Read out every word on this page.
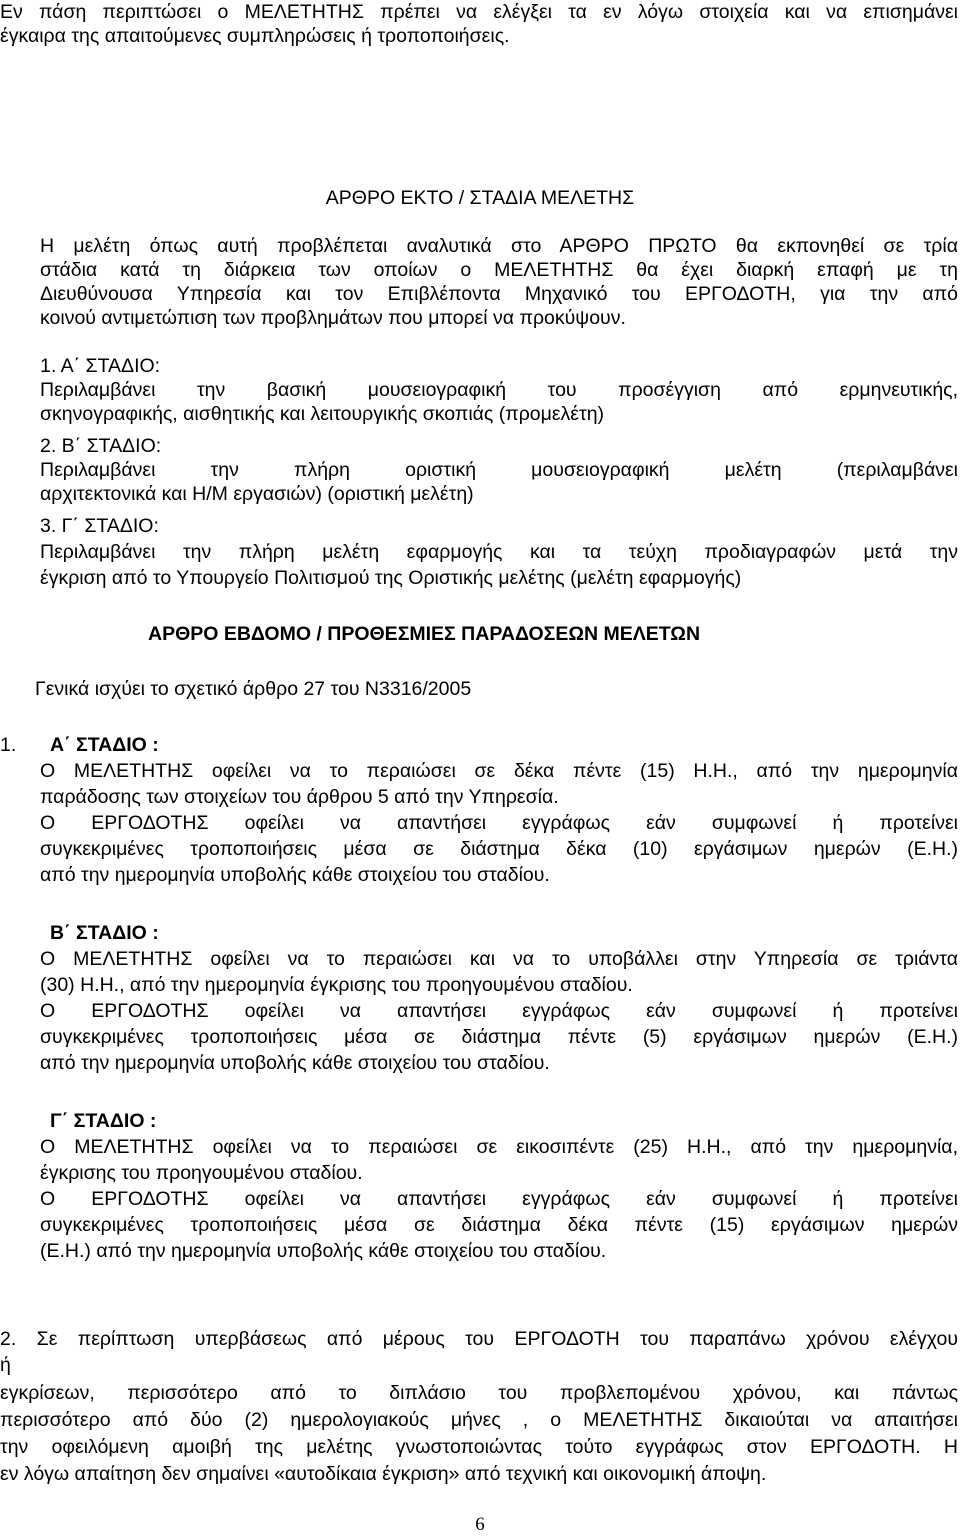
Εν πάση περιπτώσει ο ΜΕΛΕΤΗΤΗΣ πρέπει να ελέγξει τα εν λόγω στοιχεία και να επισημάνει
έγκαιρα της απαιτούμενες συμπληρώσεις ή τροποποιήσεις.
ΑΡΘΡΟ ΕΚΤΟ / ΣΤΑΔΙΑ ΜΕΛΕΤΗΣ
Η μελέτη όπως αυτή προβλέπεται αναλυτικά στο ΑΡΘΡΟ ΠΡΩΤΟ θα εκπονηθεί σε τρία
στάδια κατά τη διάρκεια των οποίων ο ΜΕΛΕΤΗΤΗΣ θα έχει διαρκή επαφή με τη
Διευθύνουσα Υπηρεσία και τον Επιβλέποντα Μηχανικό του ΕΡΓΟΔΟΤΗ, για την από
κοινού αντιμετώπιση των προβλημάτων που μπορεί να προκύψουν.
1. Α΄ ΣΤΑΔΙΟ:
Περιλαμβάνει την βασική μουσειογραφική του προσέγγιση από ερμηνευτικής,
σκηνογραφικής, αισθητικής και λειτουργικής σκοπιάς (προμελέτη)
2. Β΄ ΣΤΑΔΙΟ:
Περιλαμβάνει την πλήρη οριστική μουσειογραφική μελέτη (περιλαμβάνει
αρχιτεκτονικά και Η/Μ εργασιών) (οριστική μελέτη)
3. Γ΄ ΣΤΑΔΙΟ:
Περιλαμβάνει την πλήρη μελέτη εφαρμογής και τα τεύχη προδιαγραφών μετά την
έγκριση από το Υπουργείο Πολιτισμού της Οριστικής μελέτης (μελέτη εφαρμογής)
ΑΡΘΡΟ ΕΒΔΟΜΟ / ΠΡΟΘΕΣΜΙΕΣ ΠΑΡΑΔΟΣΕΩΝ ΜΕΛΕΤΩΝ
Γενικά ισχύει το σχετικό άρθρο 27 του Ν3316/2005
1. Α΄ ΣΤΑΔΙΟ :
Ο ΜΕΛΕΤΗΤΗΣ οφείλει να το περαιώσει σε δέκα πέντε (15) Η.Η., από την ημερομηνία
παράδοσης των στοιχείων του άρθρου 5 από την Υπηρεσία.
Ο ΕΡΓΟΔΟΤΗΣ οφείλει να απαντήσει εγγράφως εάν συμφωνεί ή προτείνει
συγκεκριμένες τροποποιήσεις μέσα σε διάστημα δέκα (10) εργάσιμων ημερών (Ε.Η.)
από την ημερομηνία υποβολής κάθε στοιχείου του σταδίου.
Β΄ ΣΤΑΔΙΟ :
Ο ΜΕΛΕΤΗΤΗΣ οφείλει να το περαιώσει και να το υποβάλλει στην Υπηρεσία σε τριάντα
(30) Η.Η., από την ημερομηνία έγκρισης του προηγουμένου σταδίου.
Ο ΕΡΓΟΔΟΤΗΣ οφείλει να απαντήσει εγγράφως εάν συμφωνεί ή προτείνει
συγκεκριμένες τροποποιήσεις μέσα σε διάστημα πέντε (5) εργάσιμων ημερών (Ε.Η.)
από την ημερομηνία υποβολής κάθε στοιχείου του σταδίου.
Γ΄ ΣΤΑΔΙΟ :
Ο ΜΕΛΕΤΗΤΗΣ οφείλει να το περαιώσει σε εικοσιπέντε (25) Η.Η., από την ημερομηνία,
έγκρισης του προηγουμένου σταδίου.
Ο ΕΡΓΟΔΟΤΗΣ οφείλει να απαντήσει εγγράφως εάν συμφωνεί ή προτείνει
συγκεκριμένες τροποποιήσεις μέσα σε διάστημα δέκα πέντε (15) εργάσιμων ημερών
(Ε.Η.) από την ημερομηνία υποβολής κάθε στοιχείου του σταδίου.
2. Σε περίπτωση υπερβάσεως από μέρους του ΕΡΓΟΔΟΤΗ του παραπάνω χρόνου ελέγχου
ή
εγκρίσεων, περισσότερο από το διπλάσιο του προβλεπομένου χρόνου, και πάντως
περισσότερο από δύο (2) ημερολογιακούς μήνες , ο ΜΕΛΕΤΗΤΗΣ δικαιούται να απαιτήσει
την οφειλόμενη αμοιβή της μελέτης γνωστοποιώντας τούτο εγγράφως στον ΕΡΓΟΔΟΤΗ. Η
εν λόγω απαίτηση δεν σημαίνει «αυτοδίκαια έγκριση» από τεχνική και οικονομική άποψη.
6
